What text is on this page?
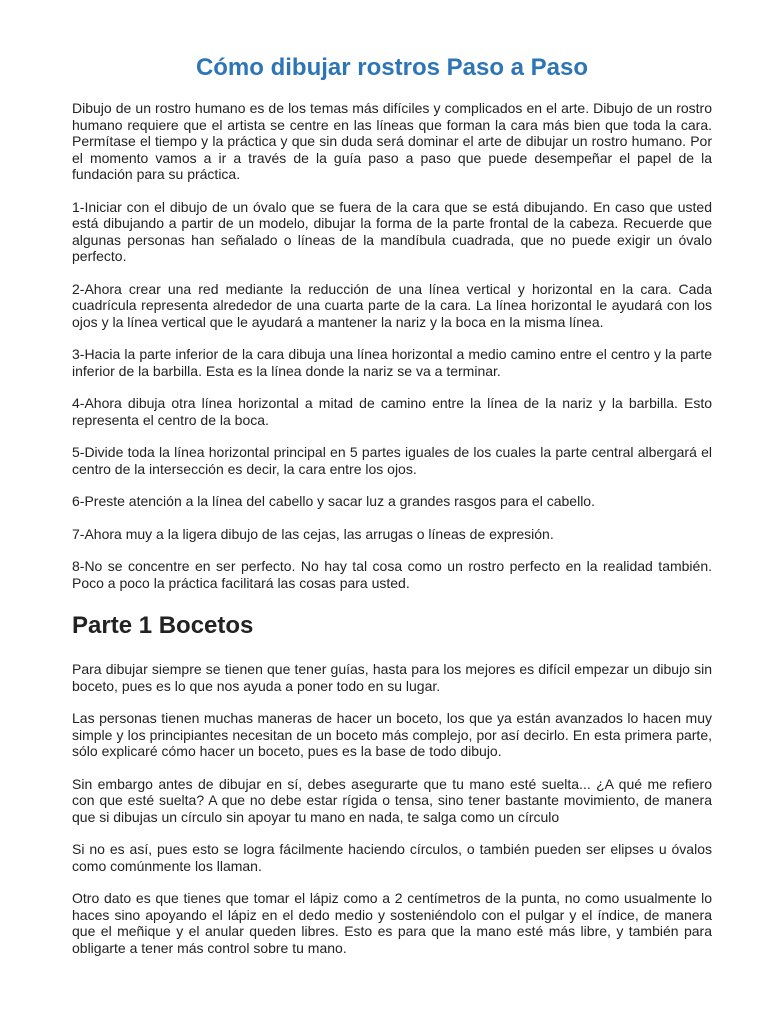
Cómo dibujar rostros Paso a Paso

Dibujo de un rostro humano es de los temas más difíciles y complicados en el arte. Dibujo de un rostro humano requiere que el artista se centre en las líneas que forman la cara más bien que toda la cara. Permítase el tiempo y la práctica y que sin duda será dominar el arte de dibujar un rostro humano. Por el momento vamos a ir a través de la guía paso a paso que puede desempeñar el papel de la fundación para su práctica.

1-Iniciar con el dibujo de un óvalo que se fuera de la cara que se está dibujando. En caso que usted está dibujando a partir de un modelo, dibujar la forma de la parte frontal de la cabeza. Recuerde que algunas personas han señalado o líneas de la mandíbula cuadrada, que no puede exigir un óvalo perfecto.

2-Ahora crear una red mediante la reducción de una línea vertical y horizontal en la cara. Cada cuadrícula representa alrededor de una cuarta parte de la cara. La línea horizontal le ayudará con los ojos y la línea vertical que le ayudará a mantener la nariz y la boca en la misma línea.

3-Hacia la parte inferior de la cara dibuja una línea horizontal a medio camino entre el centro y la parte inferior de la barbilla. Esta es la línea donde la nariz se va a terminar.

4-Ahora dibuja otra línea horizontal a mitad de camino entre la línea de la nariz y la barbilla. Esto representa el centro de la boca.

5-Divide toda la línea horizontal principal en 5 partes iguales de los cuales la parte central albergará el centro de la intersección es decir, la cara entre los ojos.

6-Preste atención a la línea del cabello y sacar luz a grandes rasgos para el cabello.

7-Ahora muy a la ligera dibujo de las cejas, las arrugas o líneas de expresión.

8-No se concentre en ser perfecto. No hay tal cosa como un rostro perfecto en la realidad también. Poco a poco la práctica facilitará las cosas para usted.

Parte 1 Bocetos

Para dibujar siempre se tienen que tener guías, hasta para los mejores es difícil empezar un dibujo sin boceto, pues es lo que nos ayuda a poner todo en su lugar.

Las personas tienen muchas maneras de hacer un boceto, los que ya están avanzados lo hacen muy simple y los principiantes necesitan de un boceto más complejo, por así decirlo. En esta primera parte, sólo explicaré cómo hacer un boceto, pues es la base de todo dibujo.

Sin embargo antes de dibujar en sí, debes asegurarte que tu mano esté suelta... ¿A qué me refiero con que esté suelta? A que no debe estar rígida o tensa, sino tener bastante movimiento, de manera que si dibujas un círculo sin apoyar tu mano en nada, te salga como un círculo

Si no es así, pues esto se logra fácilmente haciendo círculos, o también pueden ser elipses u óvalos como comúnmente los llaman.

Otro dato es que tienes que tomar el lápiz como a 2 centímetros de la punta, no como usualmente lo haces sino apoyando el lápiz en el dedo medio y sosteniéndolo con el pulgar y el índice, de manera que el meñique y el anular queden libres. Esto es para que la mano esté más libre, y también para obligarte a tener más control sobre tu mano.
